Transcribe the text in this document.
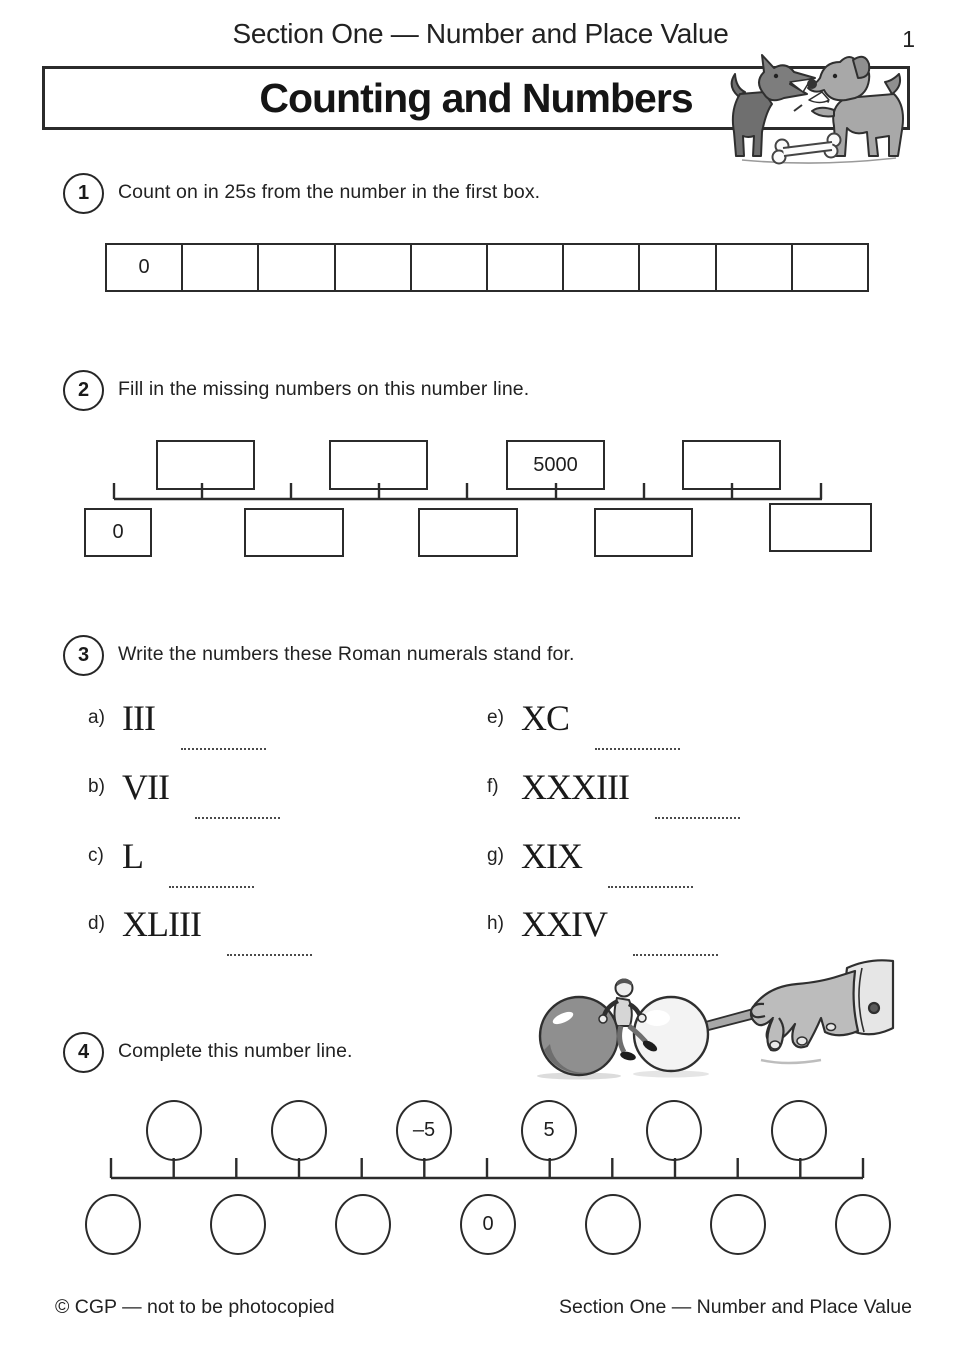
Section One — Number and Place Value	1
Counting and Numbers
1 Count on in 25s from the number in the first box.
0
2 Fill in the missing numbers on this number line.
5000
0
3 Write the numbers these Roman numerals stand for.
a) III
b) VII
c) L
d) XLIII
e) XC
f) XXXIII
g) XIX
h) XXIV
4 Complete this number line.
–5	5
0
© CGP — not to be photocopied	Section One — Number and Place Value
